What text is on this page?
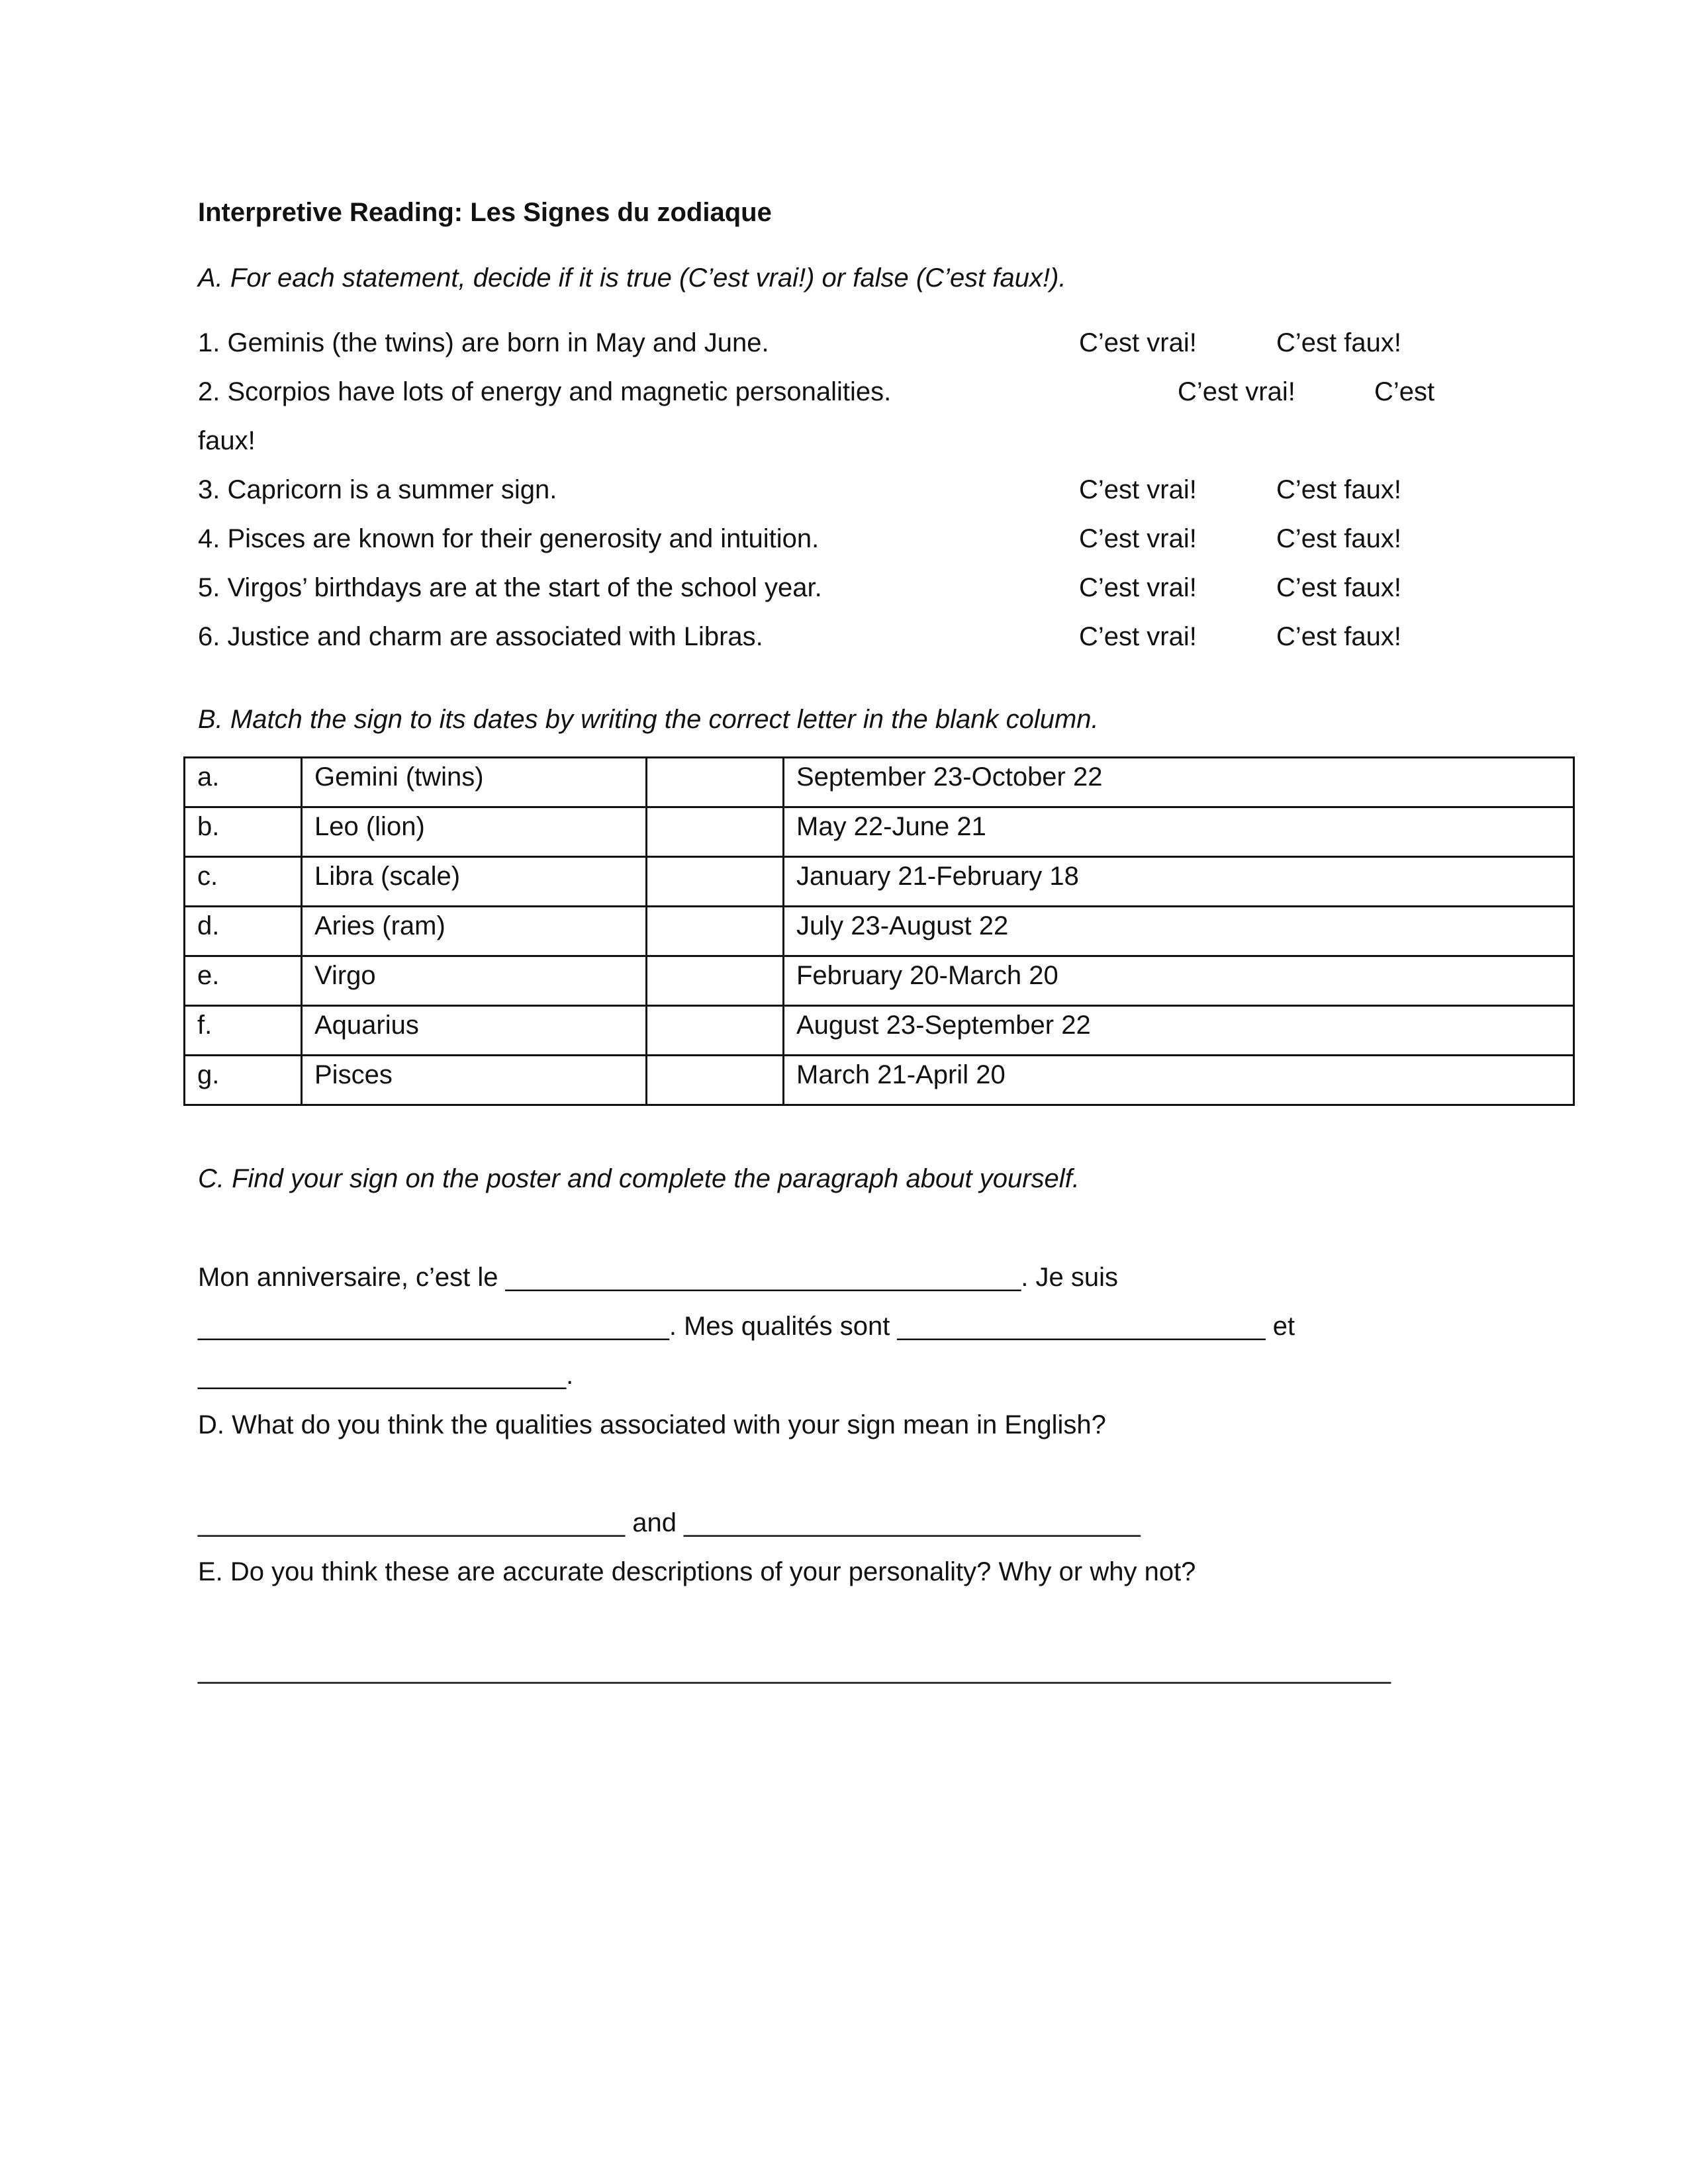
Interpretive Reading: Les Signes du zodiaque
A. For each statement, decide if it is true (C’est vrai!) or false (C’est faux!).
1. Geminis (the twins) are born in May and June.	C’est vrai!	C’est faux!
2. Scorpios have lots of energy and magnetic personalities.	C’est vrai!	C’est
faux!
3. Capricorn is a summer sign.	C’est vrai!	C’est faux!
4. Pisces are known for their generosity and intuition.	C’est vrai!	C’est faux!
5. Virgos’ birthdays are at the start of the school year.	C’est vrai!	C’est faux!
6. Justice and charm are associated with Libras.	C’est vrai!	C’est faux!
B. Match the sign to its dates by writing the correct letter in the blank column.
a.	Gemini (twins)		September 23-October 22
b.	Leo (lion)		May 22-June 21
c.	Libra (scale)		January 21-February 18
d.	Aries (ram)		July 23-August 22
e.	Virgo		February 20-March 20
f.	Aquarius		August 23-September 22
g.	Pisces		March 21-April 20
C. Find your sign on the poster and complete the paragraph about yourself.
Mon anniversaire, c’est le ___________________________________. Je suis
________________________________. Mes qualités sont _________________________ et
_________________________.
D. What do you think the qualities associated with your sign mean in English?
_____________________________ and _______________________________
E. Do you think these are accurate descriptions of your personality? Why or why not?
_________________________________________________________________________________
